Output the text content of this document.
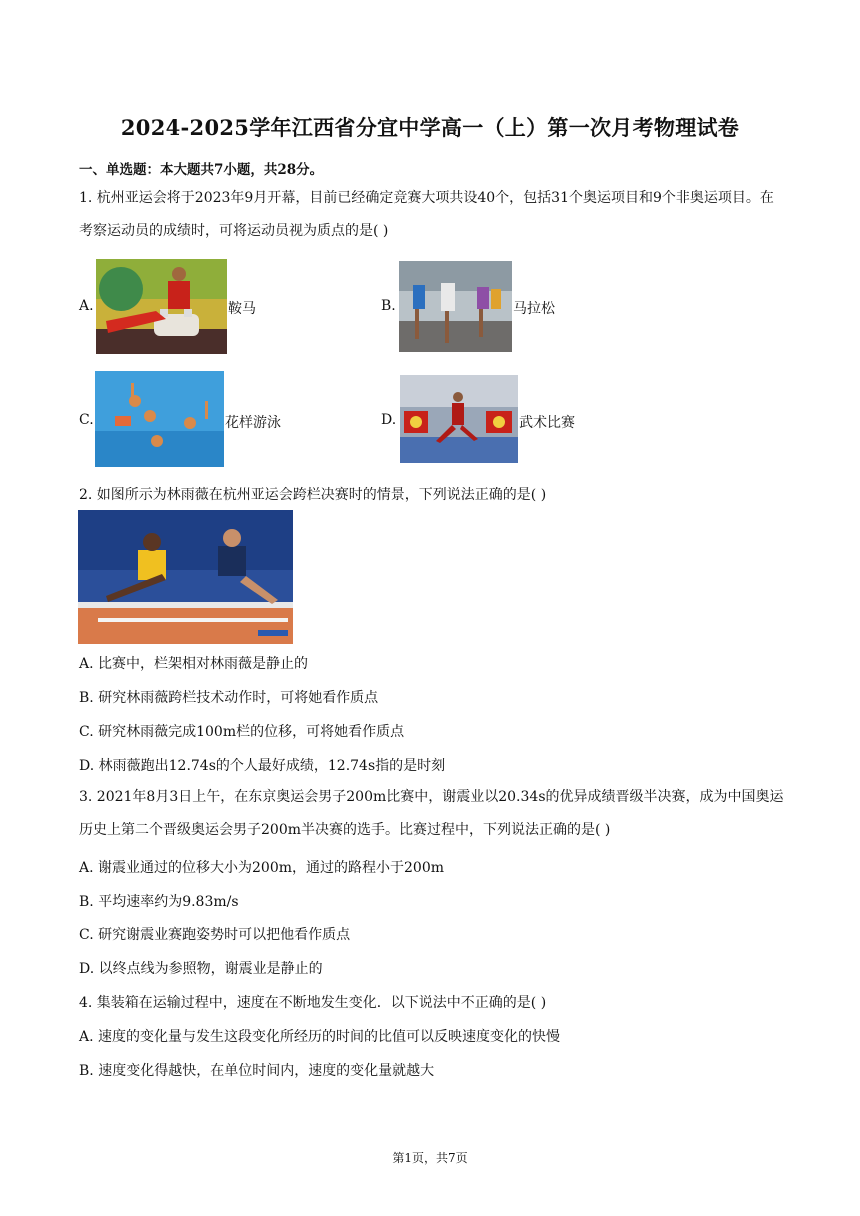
2024-2025学年江西省分宜中学高一（上）第一次月考物理试卷
一、单选题：本大题共7小题，共28分。
1. 杭州亚运会将于2023年9月开幕，目前已经确定竞赛大项共设40个，包括31个奥运项目和9个非奥运项目。在考察运动员的成绩时，可将运动员视为质点的是( )
A.	鞍马	B.	马拉松
C.	花样游泳	D.	武术比赛
2. 如图所示为林雨薇在杭州亚运会跨栏决赛时的情景，下列说法正确的是( )
A. 比赛中，栏架相对林雨薇是静止的
B. 研究林雨薇跨栏技术动作时，可将她看作质点
C. 研究林雨薇完成100m栏的位移，可将她看作质点
D. 林雨薇跑出12.74s的个人最好成绩，12.74s指的是时刻
3. 2021年8月3日上午，在东京奥运会男子200m比赛中，谢震业以20.34s的优异成绩晋级半决赛，成为中国奥运历史上第二个晋级奥运会男子200m半决赛的选手。比赛过程中，下列说法正确的是( )
A. 谢震业通过的位移大小为200m，通过的路程小于200m
B. 平均速率约为9.83m/s
C. 研究谢震业赛跑姿势时可以把他看作质点
D. 以终点线为参照物，谢震业是静止的
4. 集装箱在运输过程中，速度在不断地发生变化．以下说法中不正确的是( )
A. 速度的变化量与发生这段变化所经历的时间的比值可以反映速度变化的快慢
B. 速度变化得越快，在单位时间内，速度的变化量就越大
第1页，共7页
